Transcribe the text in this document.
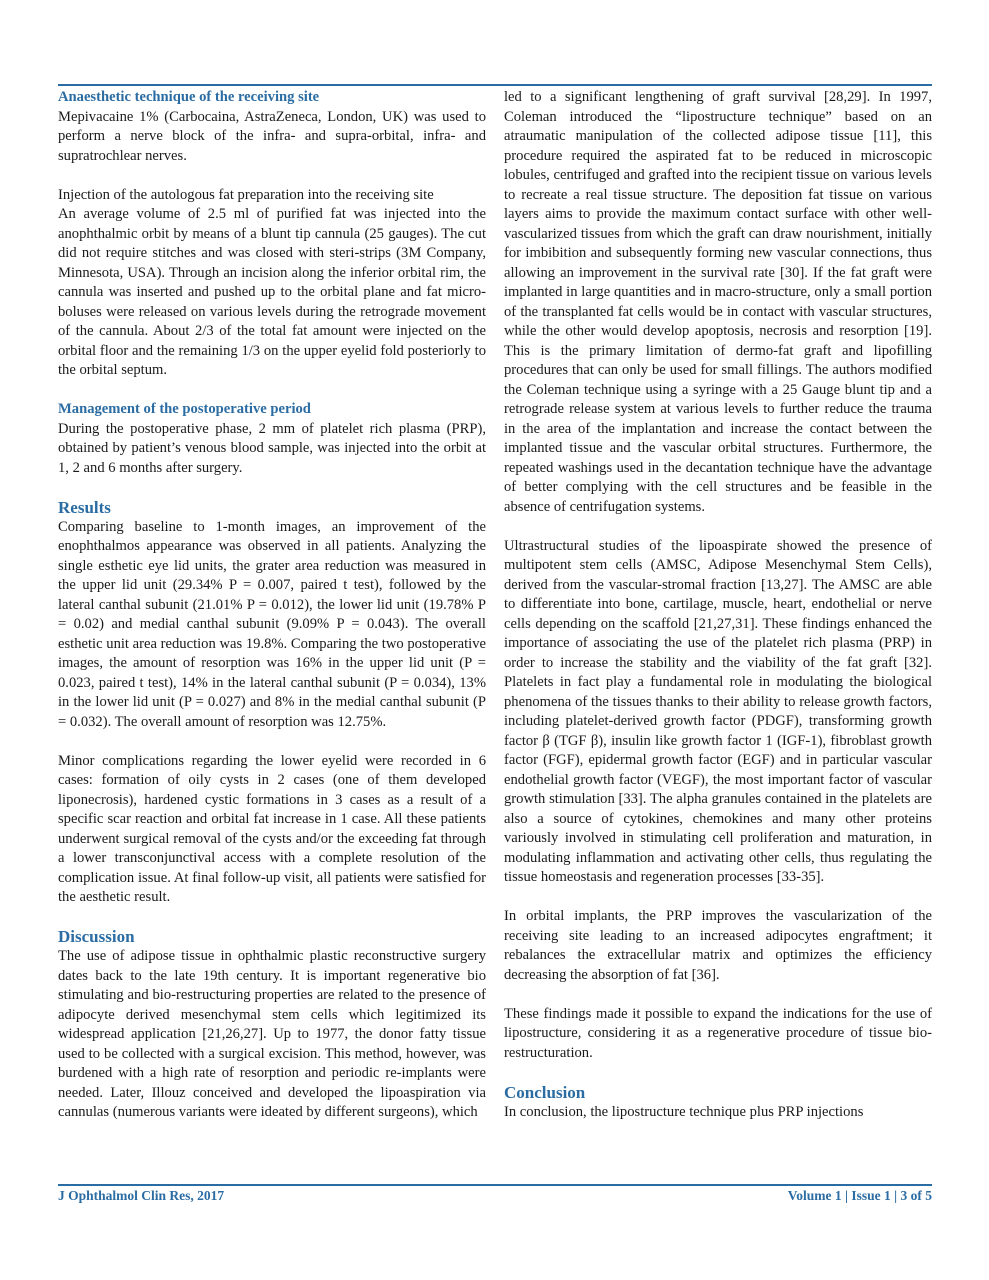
Anaesthetic technique of the receiving site

Mepivacaine 1% (Carbocaina, AstraZeneca, London, UK) was used to perform a nerve block of the infra- and supra-orbital, infra- and supratrochlear nerves.

Injection of the autologous fat preparation into the receiving site

An average volume of 2.5 ml of purified fat was injected into the anophthalmic orbit by means of a blunt tip cannula (25 gauges). The cut did not require stitches and was closed with steri-strips (3M Company, Minnesota, USA). Through an incision along the inferior orbital rim, the cannula was inserted and pushed up to the orbital plane and fat micro-boluses were released on various levels during the retrograde movement of the cannula. About 2/3 of the total fat amount were injected on the orbital floor and the remaining 1/3 on the upper eyelid fold posteriorly to the orbital septum.

Management of the postoperative period

During the postoperative phase, 2 mm of platelet rich plasma (PRP), obtained by patient’s venous blood sample, was injected into the orbit at 1, 2 and 6 months after surgery.

Results

Comparing baseline to 1-month images, an improvement of the enophthalmos appearance was observed in all patients. Analyzing the single esthetic eye lid units, the grater area reduction was measured in the upper lid unit (29.34% P = 0.007, paired t test), followed by the lateral canthal subunit (21.01% P = 0.012), the lower lid unit (19.78% P = 0.02) and medial canthal subunit (9.09% P = 0.043). The overall esthetic unit area reduction was 19.8%. Comparing the two postoperative images, the amount of resorption was 16% in the upper lid unit (P = 0.023, paired t test), 14% in the lateral canthal subunit (P = 0.034), 13% in the lower lid unit (P = 0.027) and 8% in the medial canthal subunit (P = 0.032). The overall amount of resorption was 12.75%.

Minor complications regarding the lower eyelid were recorded in 6 cases: formation of oily cysts in 2 cases (one of them developed liponecrosis), hardened cystic formations in 3 cases as a result of a specific scar reaction and orbital fat increase in 1 case. All these patients underwent surgical removal of the cysts and/or the exceeding fat through a lower transconjunctival access with a complete resolution of the complication issue. At final follow-up visit, all patients were satisfied for the aesthetic result.

Discussion

The use of adipose tissue in ophthalmic plastic reconstructive surgery dates back to the late 19th century. It is important regenerative bio stimulating and bio-restructuring properties are related to the presence of adipocyte derived mesenchymal stem cells which legitimized its widespread application [21,26,27]. Up to 1977, the donor fatty tissue used to be collected with a surgical excision. This method, however, was burdened with a high rate of resorption and periodic re-implants were needed. Later, Illouz conceived and developed the lipoaspiration via cannulas (numerous variants were ideated by different surgeons), which

led to a significant lengthening of graft survival [28,29]. In 1997, Coleman introduced the “lipostructure technique” based on an atraumatic manipulation of the collected adipose tissue [11], this procedure required the aspirated fat to be reduced in microscopic lobules, centrifuged and grafted into the recipient tissue on various levels to recreate a real tissue structure. The deposition fat tissue on various layers aims to provide the maximum contact surface with other well-vascularized tissues from which the graft can draw nourishment, initially for imbibition and subsequently forming new vascular connections, thus allowing an improvement in the survival rate [30]. If the fat graft were implanted in large quantities and in macro-structure, only a small portion of the transplanted fat cells would be in contact with vascular structures, while the other would develop apoptosis, necrosis and resorption [19]. This is the primary limitation of dermo-fat graft and lipofilling procedures that can only be used for small fillings. The authors modified the Coleman technique using a syringe with a 25 Gauge blunt tip and a retrograde release system at various levels to further reduce the trauma in the area of the implantation and increase the contact between the implanted tissue and the vascular orbital structures. Furthermore, the repeated washings used in the decantation technique have the advantage of better complying with the cell structures and be feasible in the absence of centrifugation systems.

Ultrastructural studies of the lipoaspirate showed the presence of multipotent stem cells (AMSC, Adipose Mesenchymal Stem Cells), derived from the vascular-stromal fraction [13,27]. The AMSC are able to differentiate into bone, cartilage, muscle, heart, endothelial or nerve cells depending on the scaffold [21,27,31]. These findings enhanced the importance of associating the use of the platelet rich plasma (PRP) in order to increase the stability and the viability of the fat graft [32]. Platelets in fact play a fundamental role in modulating the biological phenomena of the tissues thanks to their ability to release growth factors, including platelet-derived growth factor (PDGF), transforming growth factor β (TGF β), insulin like growth factor 1 (IGF-1), fibroblast growth factor (FGF), epidermal growth factor (EGF) and in particular vascular endothelial growth factor (VEGF), the most important factor of vascular growth stimulation [33]. The alpha granules contained in the platelets are also a source of cytokines, chemokines and many other proteins variously involved in stimulating cell proliferation and maturation, in modulating inflammation and activating other cells, thus regulating the tissue homeostasis and regeneration processes [33-35].

In orbital implants, the PRP improves the vascularization of the receiving site leading to an increased adipocytes engraftment; it rebalances the extracellular matrix and optimizes the efficiency decreasing the absorption of fat [36].

These findings made it possible to expand the indications for the use of lipostructure, considering it as a regenerative procedure of tissue bio-restructuration.

Conclusion

In conclusion, the lipostructure technique plus PRP injections

J Ophthalmol Clin Res, 2017	Volume 1 | Issue 1 | 3 of 5
